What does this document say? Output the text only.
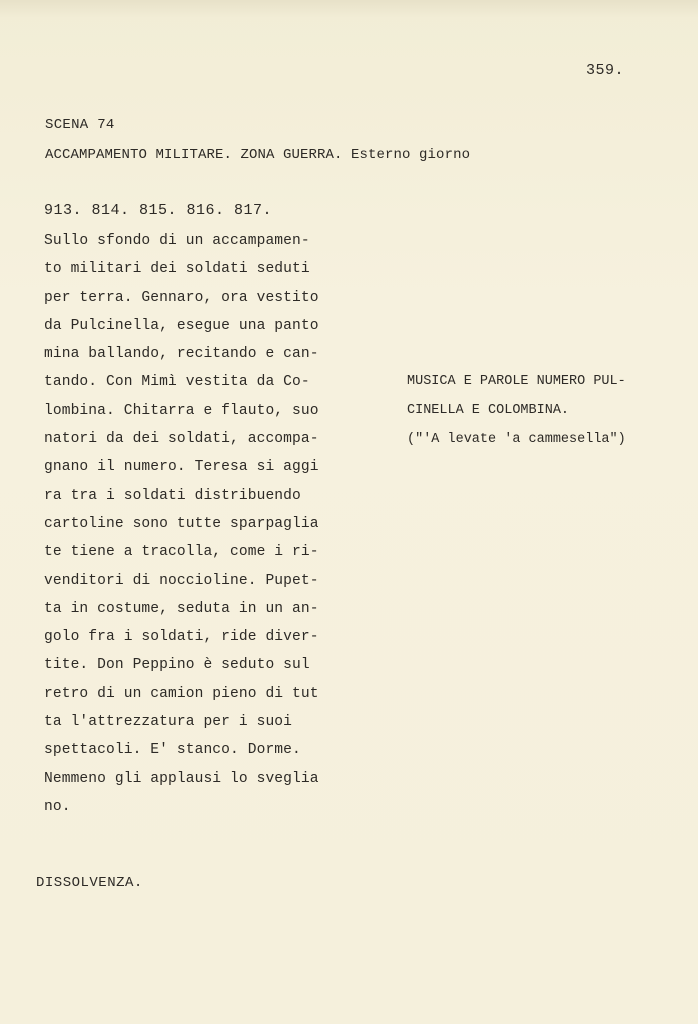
359.
SCENA 74
ACCAMPAMENTO MILITARE. ZONA GUERRA. Esterno giorno
913. 814. 815. 816. 817.
Sullo sfondo di un accampamen-
to militari dei soldati seduti
per terra. Gennaro, ora vestito
da Pulcinella, esegue una panto
mina ballando, recitando e can-
tando. Con Mimì vestita da Co-
lombina. Chitarra e flauto, suo
natori da dei soldati, accompa-
gnano il numero. Teresa si aggi
ra tra i soldati distribuendo
cartoline sono tutte sparpaglia
te tiene a tracolla, come i ri-
venditori di noccioline. Pupet-
ta in costume, seduta in un an-
golo fra i soldati, ride diver-
tite. Don Peppino è seduto sul
retro di un camion pieno di tut
ta l'attrezzatura per i suoi
spettacoli. E' stanco. Dorme.
Nemmeno gli applausi lo sveglia
no.
MUSICA E PAROLE NUMERO PUL-
CINELLA E COLOMBINA.
("'A levate 'a cammesella")
DISSOLVENZA.
